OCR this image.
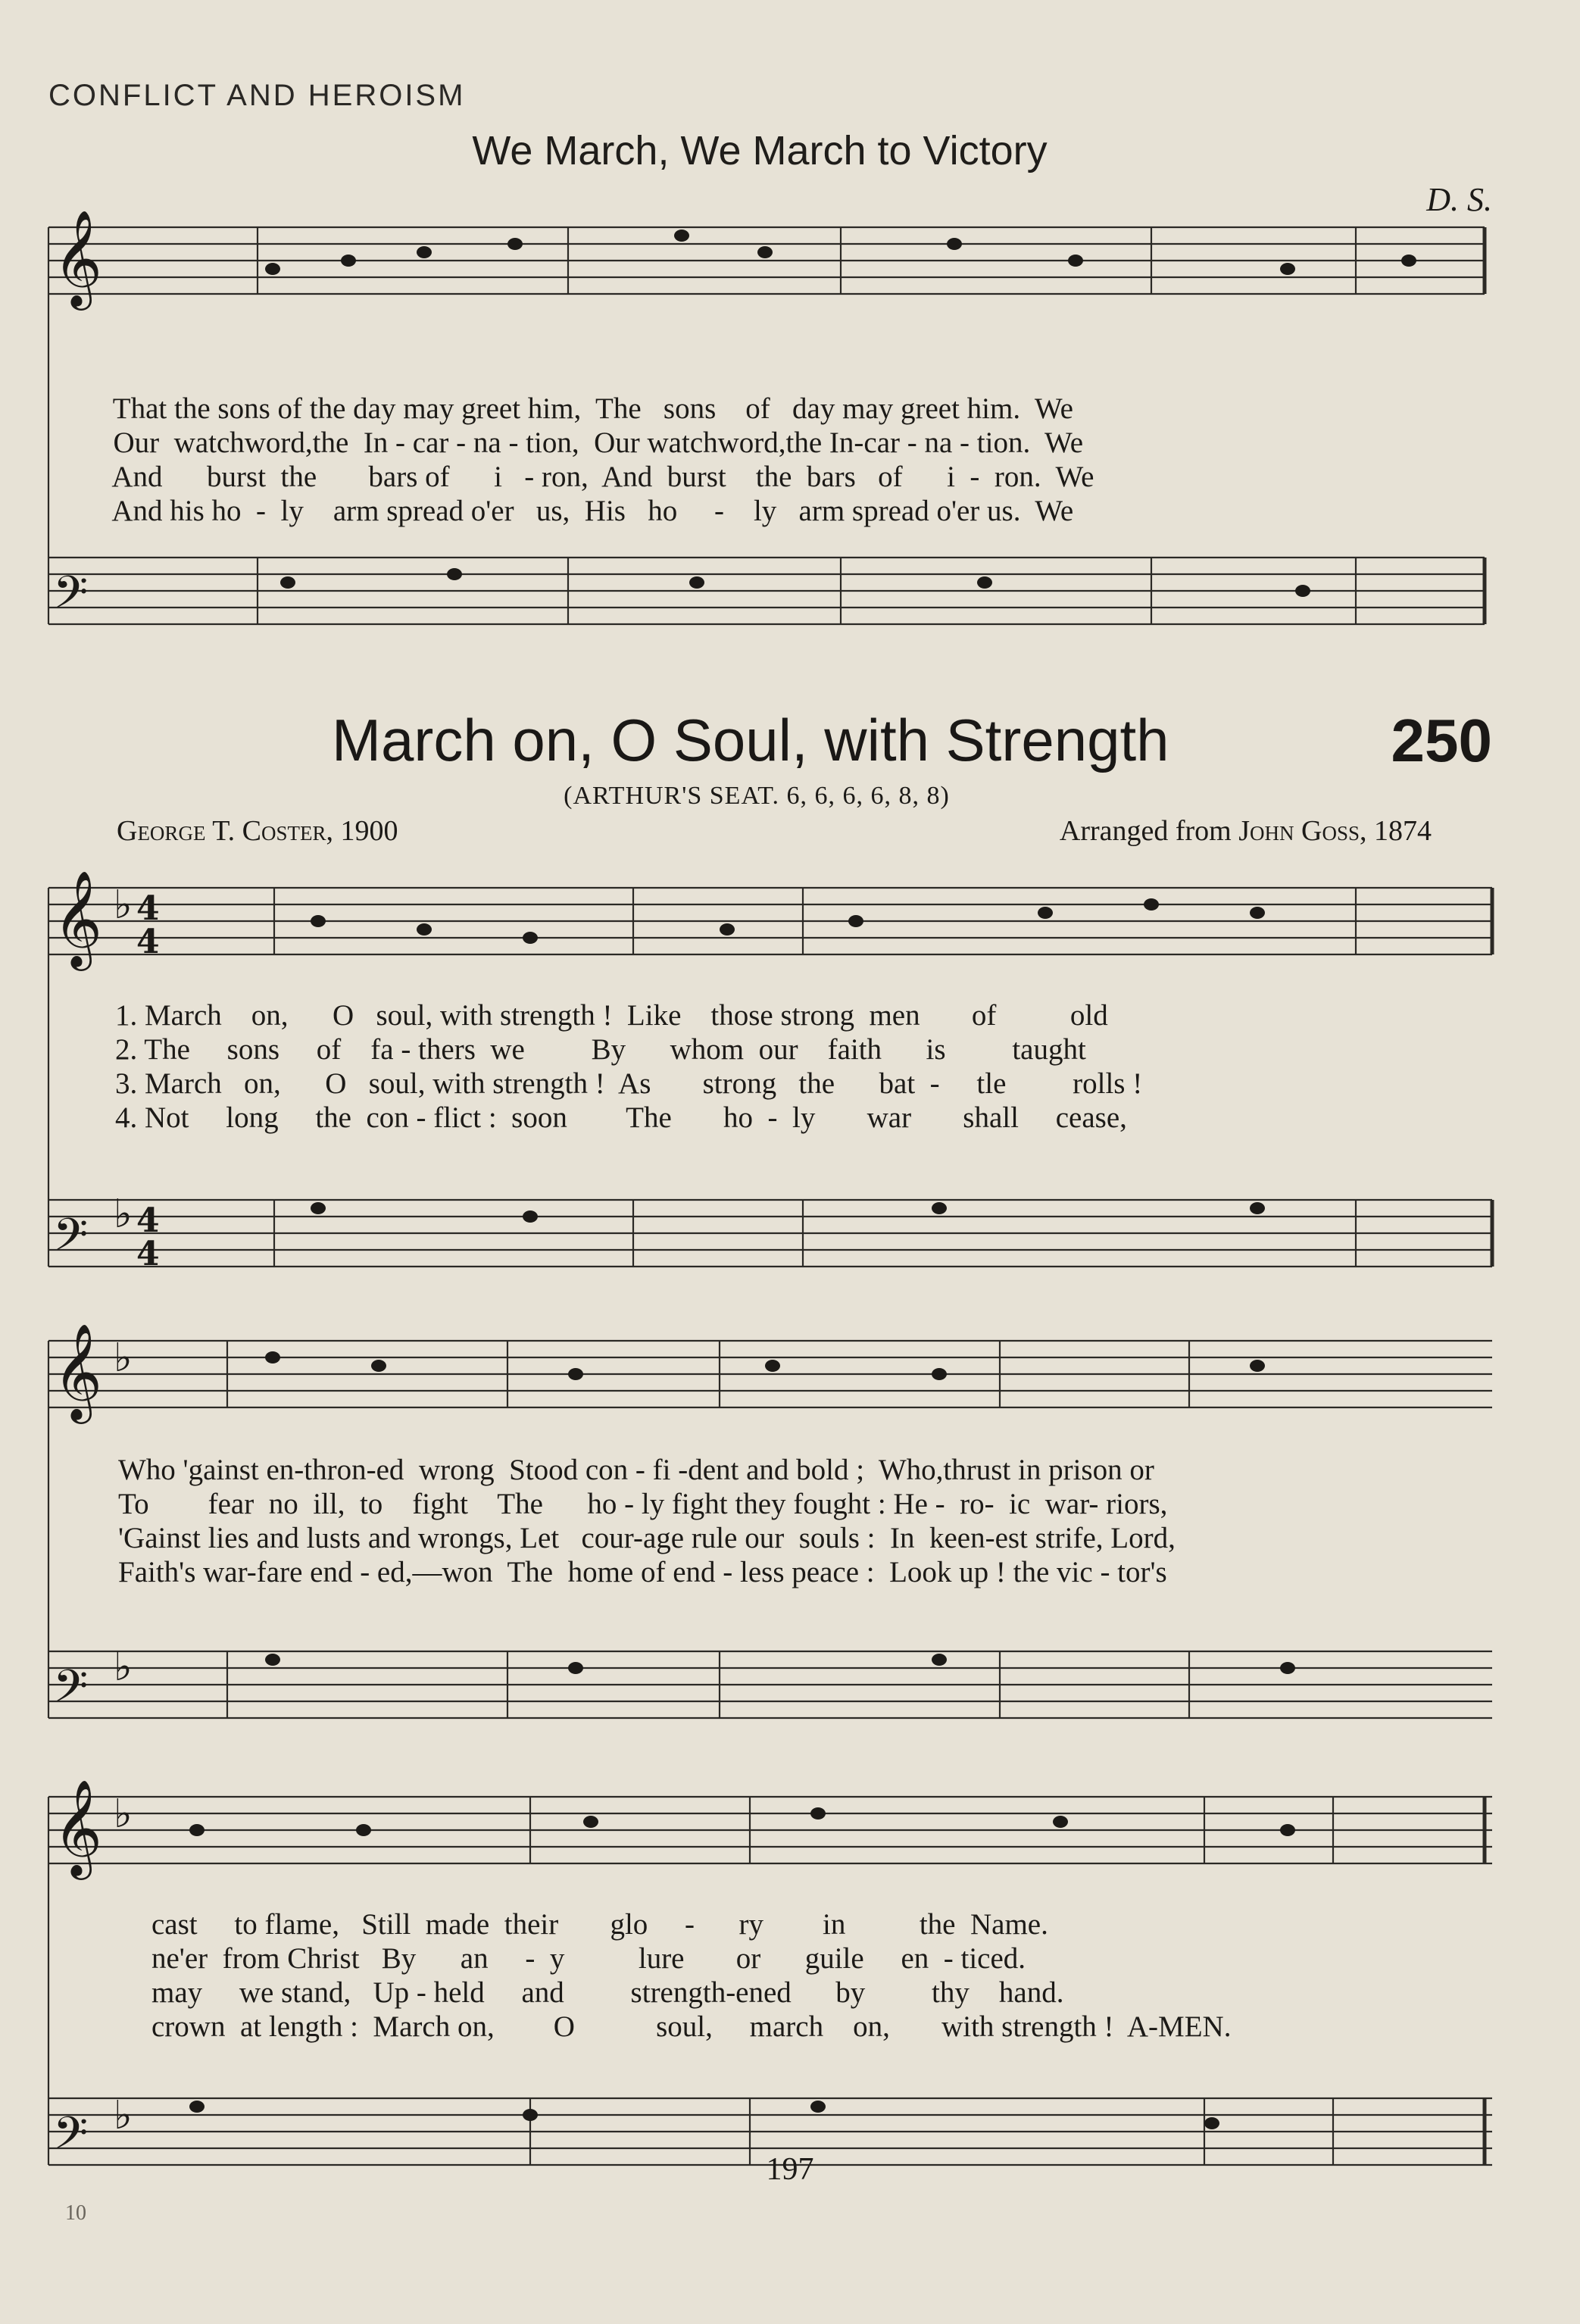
CONFLICT AND HEROISM
We March, We March to Victory
D. S.
𝄞
𝄢
𝄞
𝄢
𝄞
𝄢
𝄞
𝄢
♭
♭
♭
♭
♭
♭
4
4
4
4

That the sons of the day may greet him, The sons of day may greet him. We

Our  watchword,the  In - car - na - tion, Our watchword,the In-car - na - tion. We

And      burst  the       bars of      i   - ron, And  burst    the  bars   of      i  -  ron. We

And his ho  -  ly    arm spread o'er   us, His   ho     -    ly   arm spread o'er us. We

March on, O Soul, with Strength	250
(ARTHUR'S SEAT. 6, 6, 6, 6, 8, 8)
George T. Coster, 1900	Arranged from John Goss, 1874
1. March    on,      O   soul, with strength !  Like    those strong  men       of          old
2. The     sons     of    fa - thers  we         By      whom  our    faith      is         taught
3. March   on,      O   soul, with strength !  As       strong   the      bat  -     tle         rolls !
4. Not     long     the  con - flict :  soon        The       ho  -  ly       war       shall     cease,
Who 'gainst en-thron-ed  wrong  Stood con - fi -dent and bold ;  Who,thrust in prison or
To        fear  no  ill,  to    fight    The      ho - ly fight they fought : He -  ro-  ic  war- riors,
'Gainst lies and lusts and wrongs, Let   cour-age rule our  souls :  In  keen-est strife, Lord,
Faith's war-fare end - ed,—won  The  home of end - less peace :  Look up ! the vic - tor's
cast     to flame,   Still  made  their       glo     -      ry        in          the  Name.
ne'er  from Christ   By      an     -  y          lure       or      guile     en  - ticed.
may     we stand,   Up - held     and         strength-ened      by         thy    hand.
crown  at length :  March on,        O           soul,     march    on,       with strength !  A-MEN.
197
10
